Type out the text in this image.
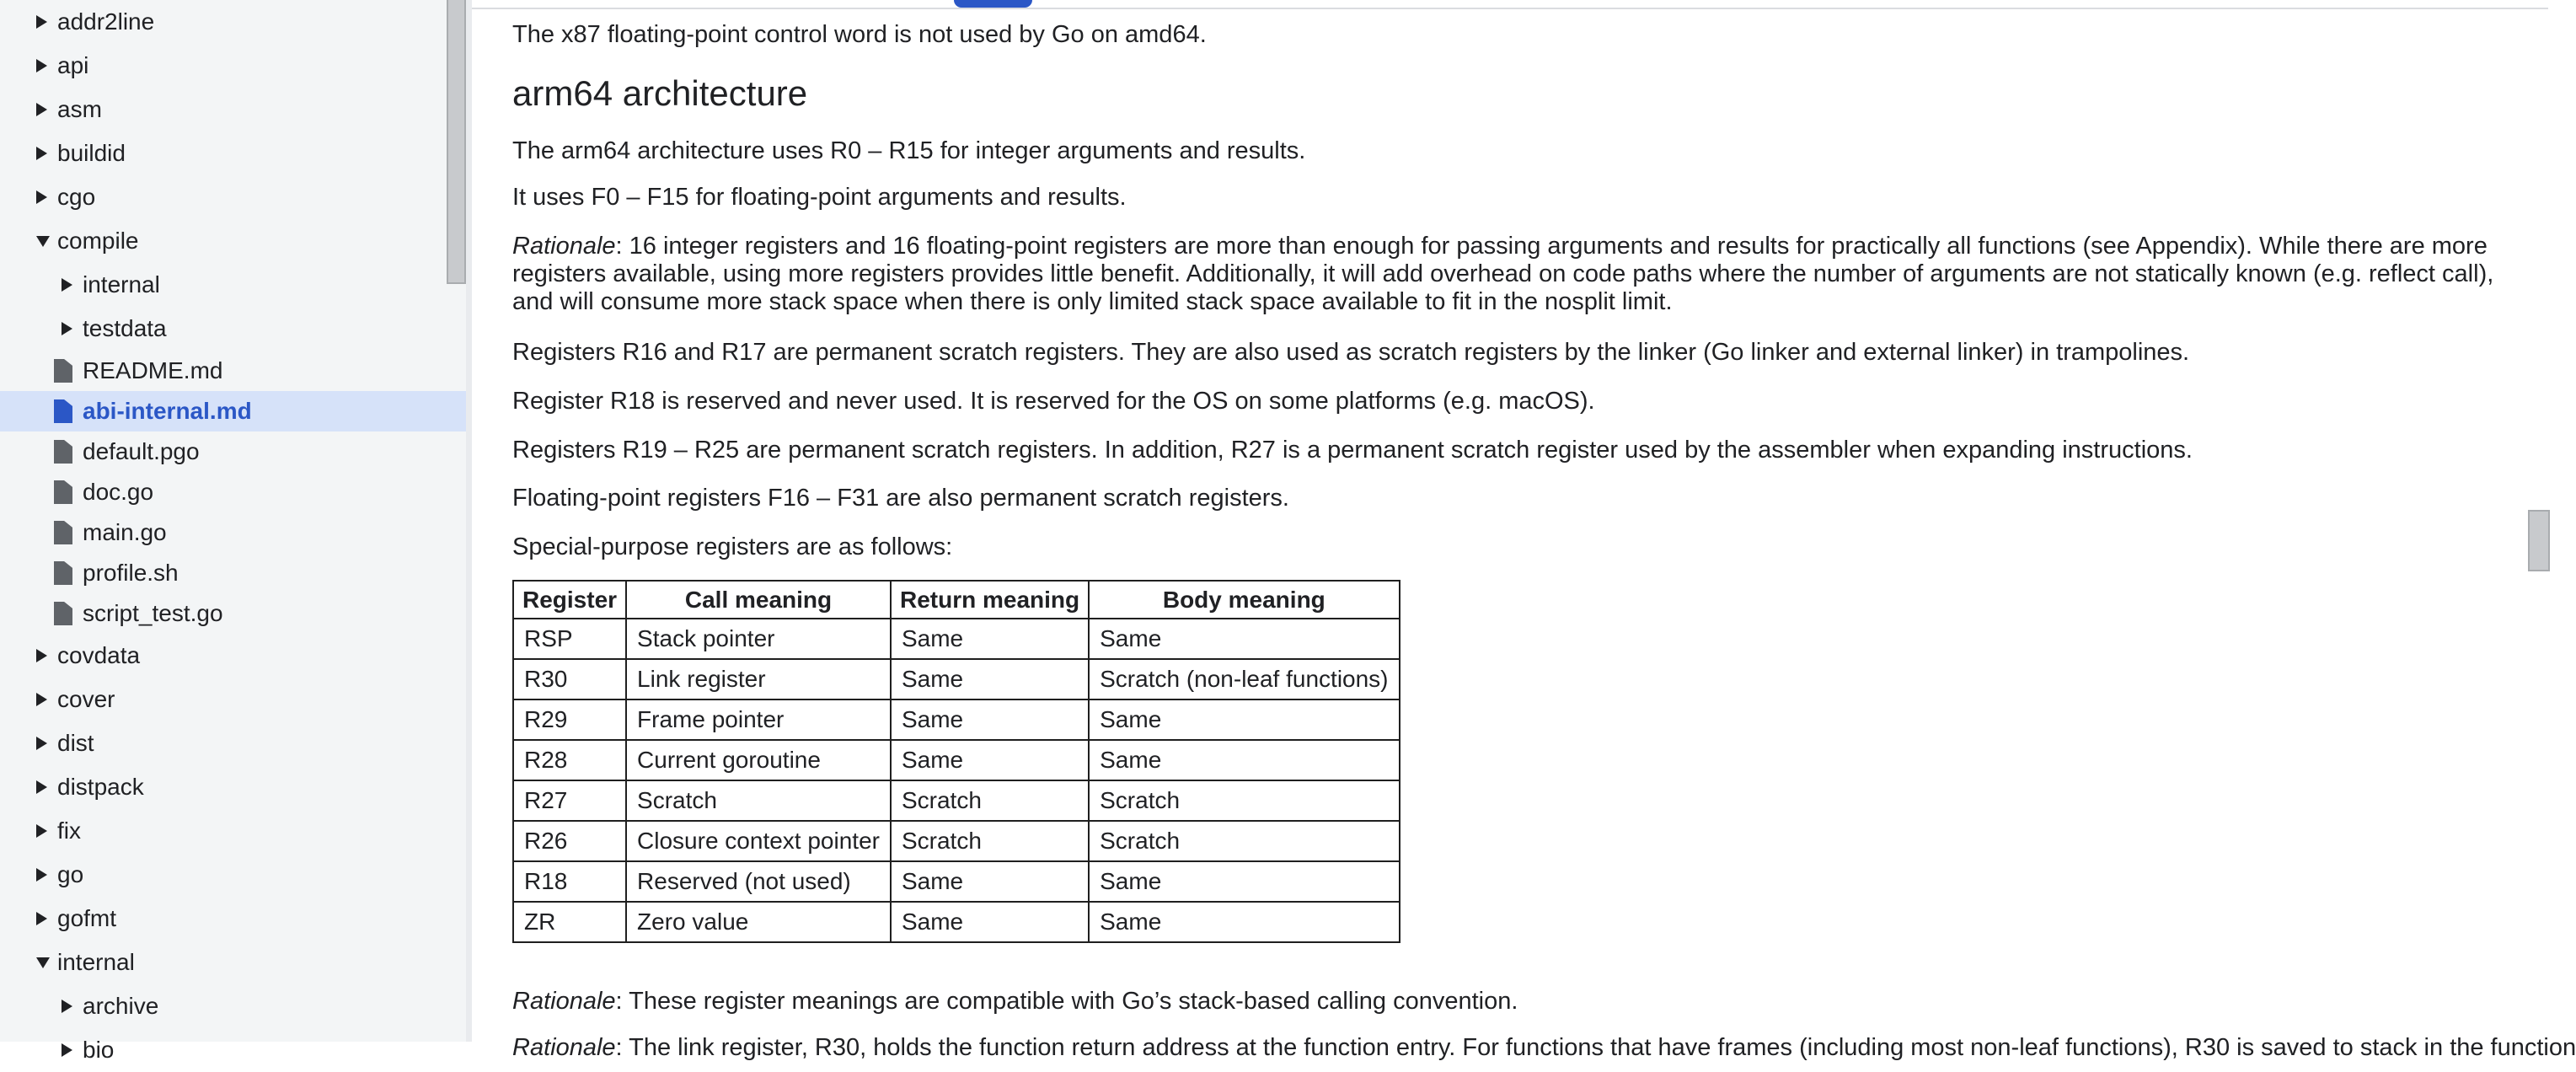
addr2line
api
asm
buildid
cgo
compile
internal
testdata
README.md
abi-internal.md
default.pgo
doc.go
main.go
profile.sh
script_test.go
covdata
cover
dist
distpack
fix
go
gofmt
internal
archive
bio
The x87 floating-point control word is not used by Go on amd64.
arm64 architecture
The arm64 architecture uses R0 – R15 for integer arguments and results.
It uses F0 – F15 for floating-point arguments and results.
Rationale: 16 integer registers and 16 floating-point registers are more than enough for passing arguments and results for practically all functions (see Appendix). While there are more registers available, using more registers provides little benefit. Additionally, it will add overhead on code paths where the number of arguments are not statically known (e.g. reflect call), and will consume more stack space when there is only limited stack space available to fit in the nosplit limit.
Registers R16 and R17 are permanent scratch registers. They are also used as scratch registers by the linker (Go linker and external linker) in trampolines.
Register R18 is reserved and never used. It is reserved for the OS on some platforms (e.g. macOS).
Registers R19 – R25 are permanent scratch registers. In addition, R27 is a permanent scratch register used by the assembler when expanding instructions.
Floating-point registers F16 – F31 are also permanent scratch registers.
Special-purpose registers are as follows:
Register	Call meaning	Return meaning	Body meaning
RSP	Stack pointer	Same	Same
R30	Link register	Same	Scratch (non-leaf functions)
R29	Frame pointer	Same	Same
R28	Current goroutine	Same	Same
R27	Scratch	Scratch	Scratch
R26	Closure context pointer	Scratch	Scratch
R18	Reserved (not used)	Same	Same
ZR	Zero value	Same	Same
Rationale: These register meanings are compatible with Go’s stack-based calling convention.
Rationale: The link register, R30, holds the function return address at the function entry. For functions that have frames (including most non-leaf functions), R30 is saved to stack in the function
